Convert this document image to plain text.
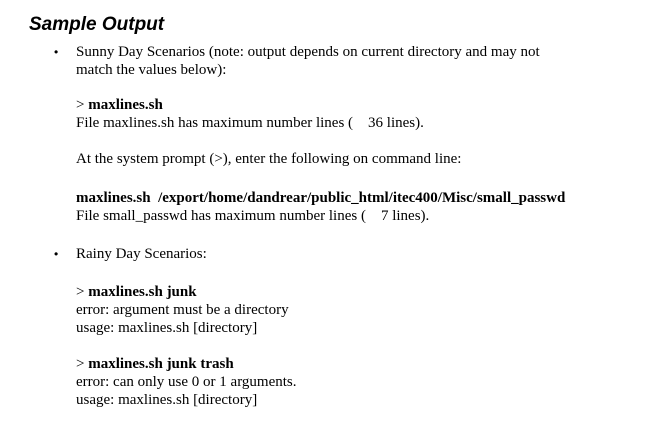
Sample Output
• Sunny Day Scenarios (note: output depends on current directory and may not

match the values below):

> maxlines.sh

File maxlines.sh has maximum number lines (    36 lines).

At the system prompt (>), enter the following on command line:

maxlines.sh  /export/home/dandrear/public_html/itec400/Misc/small_passwd

File small_passwd has maximum number lines (    7 lines).

• Rainy Day Scenarios:

> maxlines.sh junk

error: argument must be a directory

usage: maxlines.sh [directory]

> maxlines.sh junk trash

error: can only use 0 or 1 arguments.

usage: maxlines.sh [directory]
